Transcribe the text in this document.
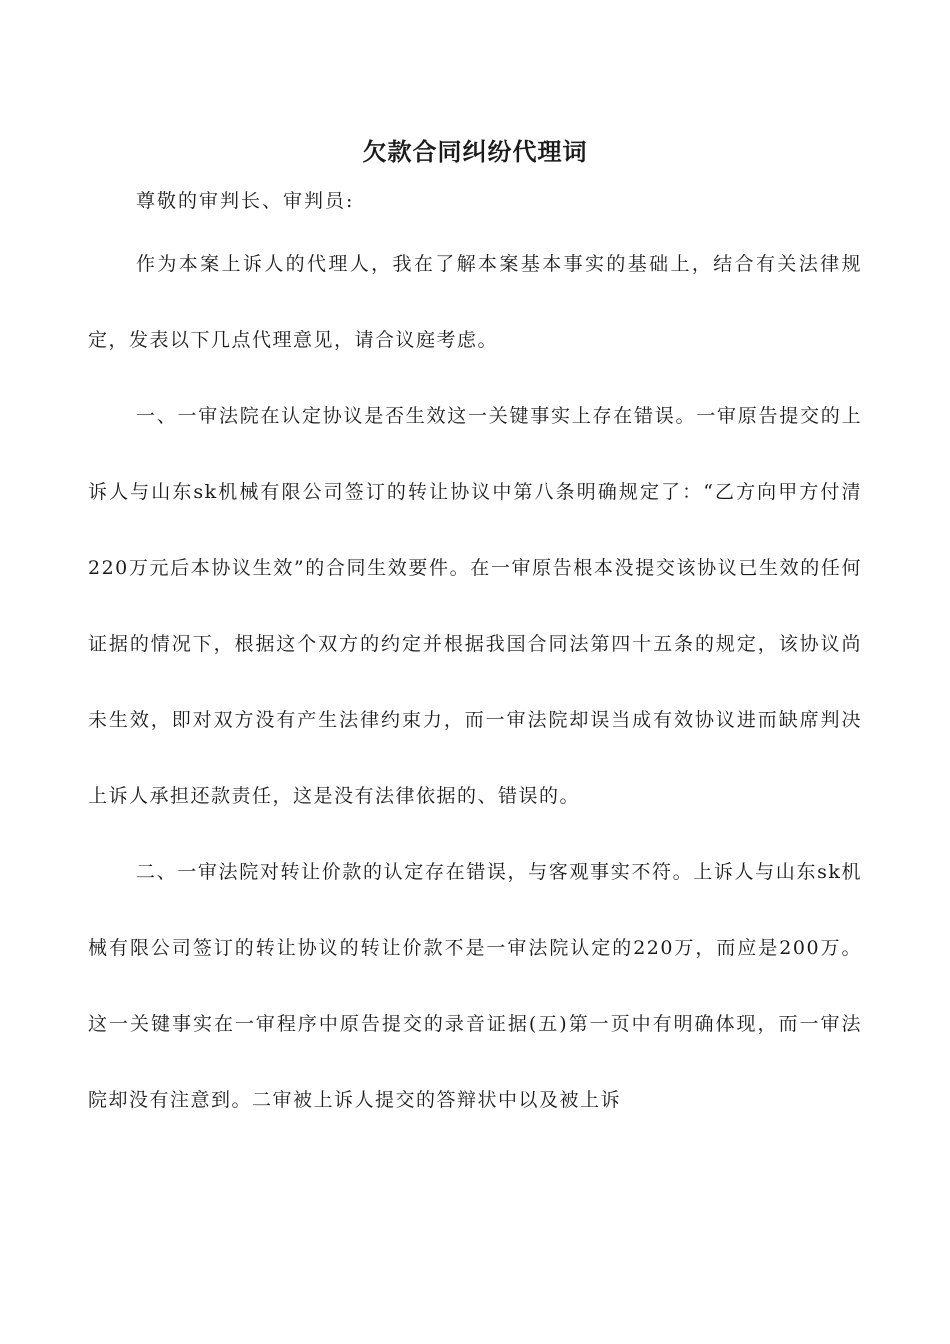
欠款合同纠纷代理词

尊敬的审判长、审判员:

作为本案上诉人的代理人，我在了解本案基本事实的基础上，结合有关法律规定，发表以下几点代理意见，请合议庭考虑。

一、一审法院在认定协议是否生效这一关键事实上存在错误。一审原告提交的上诉人与山东sk机械有限公司签订的转让协议中第八条明确规定了：“乙方向甲方付清220万元后本协议生效”的合同生效要件。在一审原告根本没提交该协议已生效的任何证据的情况下，根据这个双方的约定并根据我国合同法第四十五条的规定，该协议尚未生效，即对双方没有产生法律约束力，而一审法院却误当成有效协议进而缺席判决上诉人承担还款责任，这是没有法律依据的、错误的。

二、一审法院对转让价款的认定存在错误，与客观事实不符。上诉人与山东sk机械有限公司签订的转让协议的转让价款不是一审法院认定的220万，而应是200万。这一关键事实在一审程序中原告提交的录音证据(五)第一页中有明确体现，而一审法院却没有注意到。二审被上诉人提交的答辩状中以及被上诉
